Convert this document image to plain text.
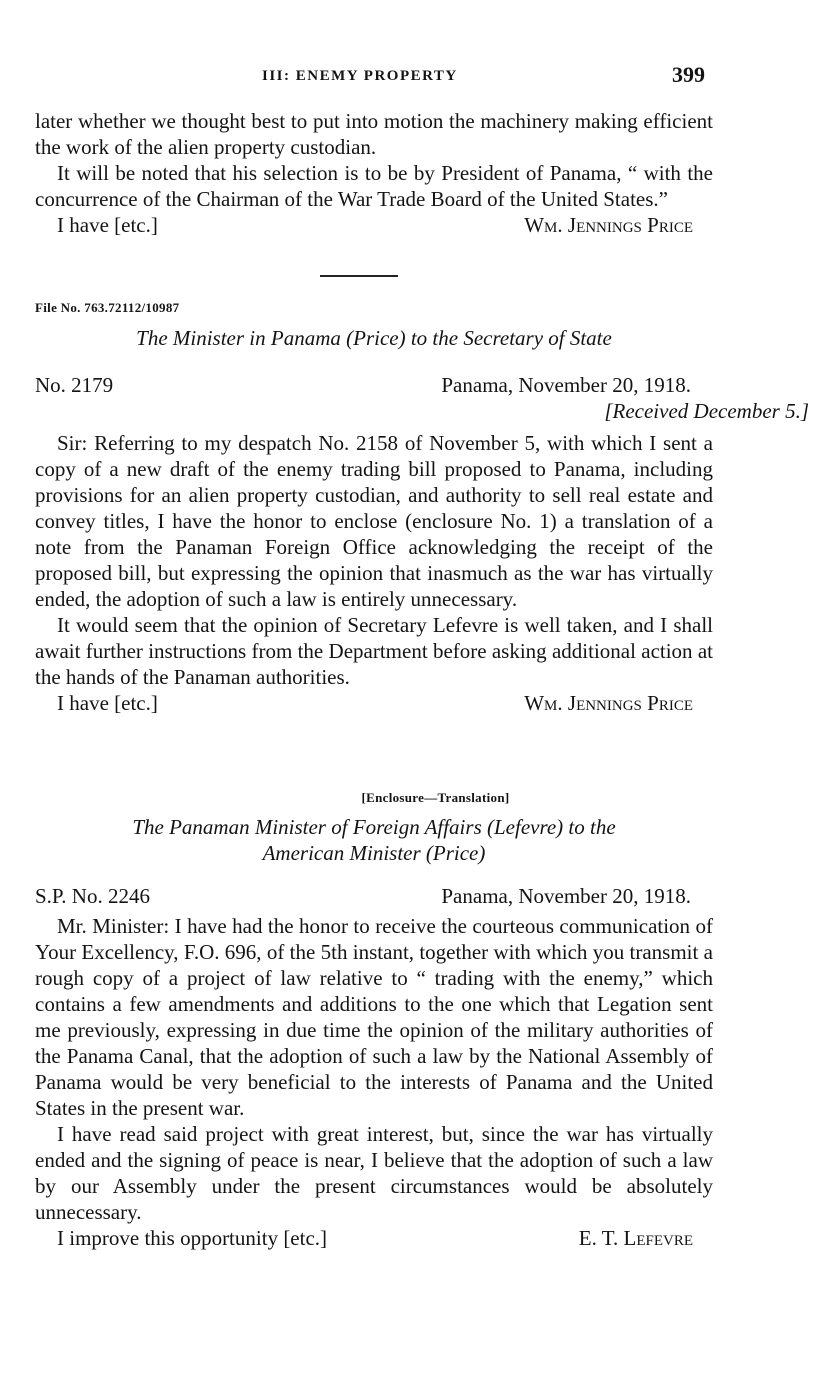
III: ENEMY PROPERTY	399

later whether we thought best to put into motion the machinery making efficient the work of the alien property custodian.

It will be noted that his selection is to be by President of Panama, “ with the concurrence of the Chairman of the War Trade Board of the United States.”

I have [etc.]	Wm. Jennings Price
File No. 763.72112/10987

The Minister in Panama (Price) to the Secretary of State

No. 2179	Panama, November 20, 1918.
[Received December 5.]

Sir: Referring to my despatch No. 2158 of November 5, with which I sent a copy of a new draft of the enemy trading bill proposed to Panama, including provisions for an alien property custodian, and authority to sell real estate and convey titles, I have the honor to enclose (enclosure No. 1) a translation of a note from the Panaman Foreign Office acknowledging the receipt of the proposed bill, but expressing the opinion that inasmuch as the war has virtually ended, the adoption of such a law is entirely unnecessary.

It would seem that the opinion of Secretary Lefevre is well taken, and I shall await further instructions from the Department before asking additional action at the hands of the Panaman authorities.

I have [etc.]	Wm. Jennings Price
[Enclosure—Translation]

The Panaman Minister of Foreign Affairs (Lefevre) to the

American Minister (Price)

S.P. No. 2246	Panama, November 20, 1918.

Mr. Minister: I have had the honor to receive the courteous communication of Your Excellency, F.O. 696, of the 5th instant, together with which you transmit a rough copy of a project of law relative to “ trading with the enemy,” which contains a few amendments and additions to the one which that Legation sent me previously, expressing in due time the opinion of the military authorities of the Panama Canal, that the adoption of such a law by the National Assembly of Panama would be very beneficial to the interests of Panama and the United States in the present war.

I have read said project with great interest, but, since the war has virtually ended and the signing of peace is near, I believe that the adoption of such a law by our Assembly under the present circumstances would be absolutely unnecessary.

I improve this opportunity [etc.]	E. T. Lefevre
